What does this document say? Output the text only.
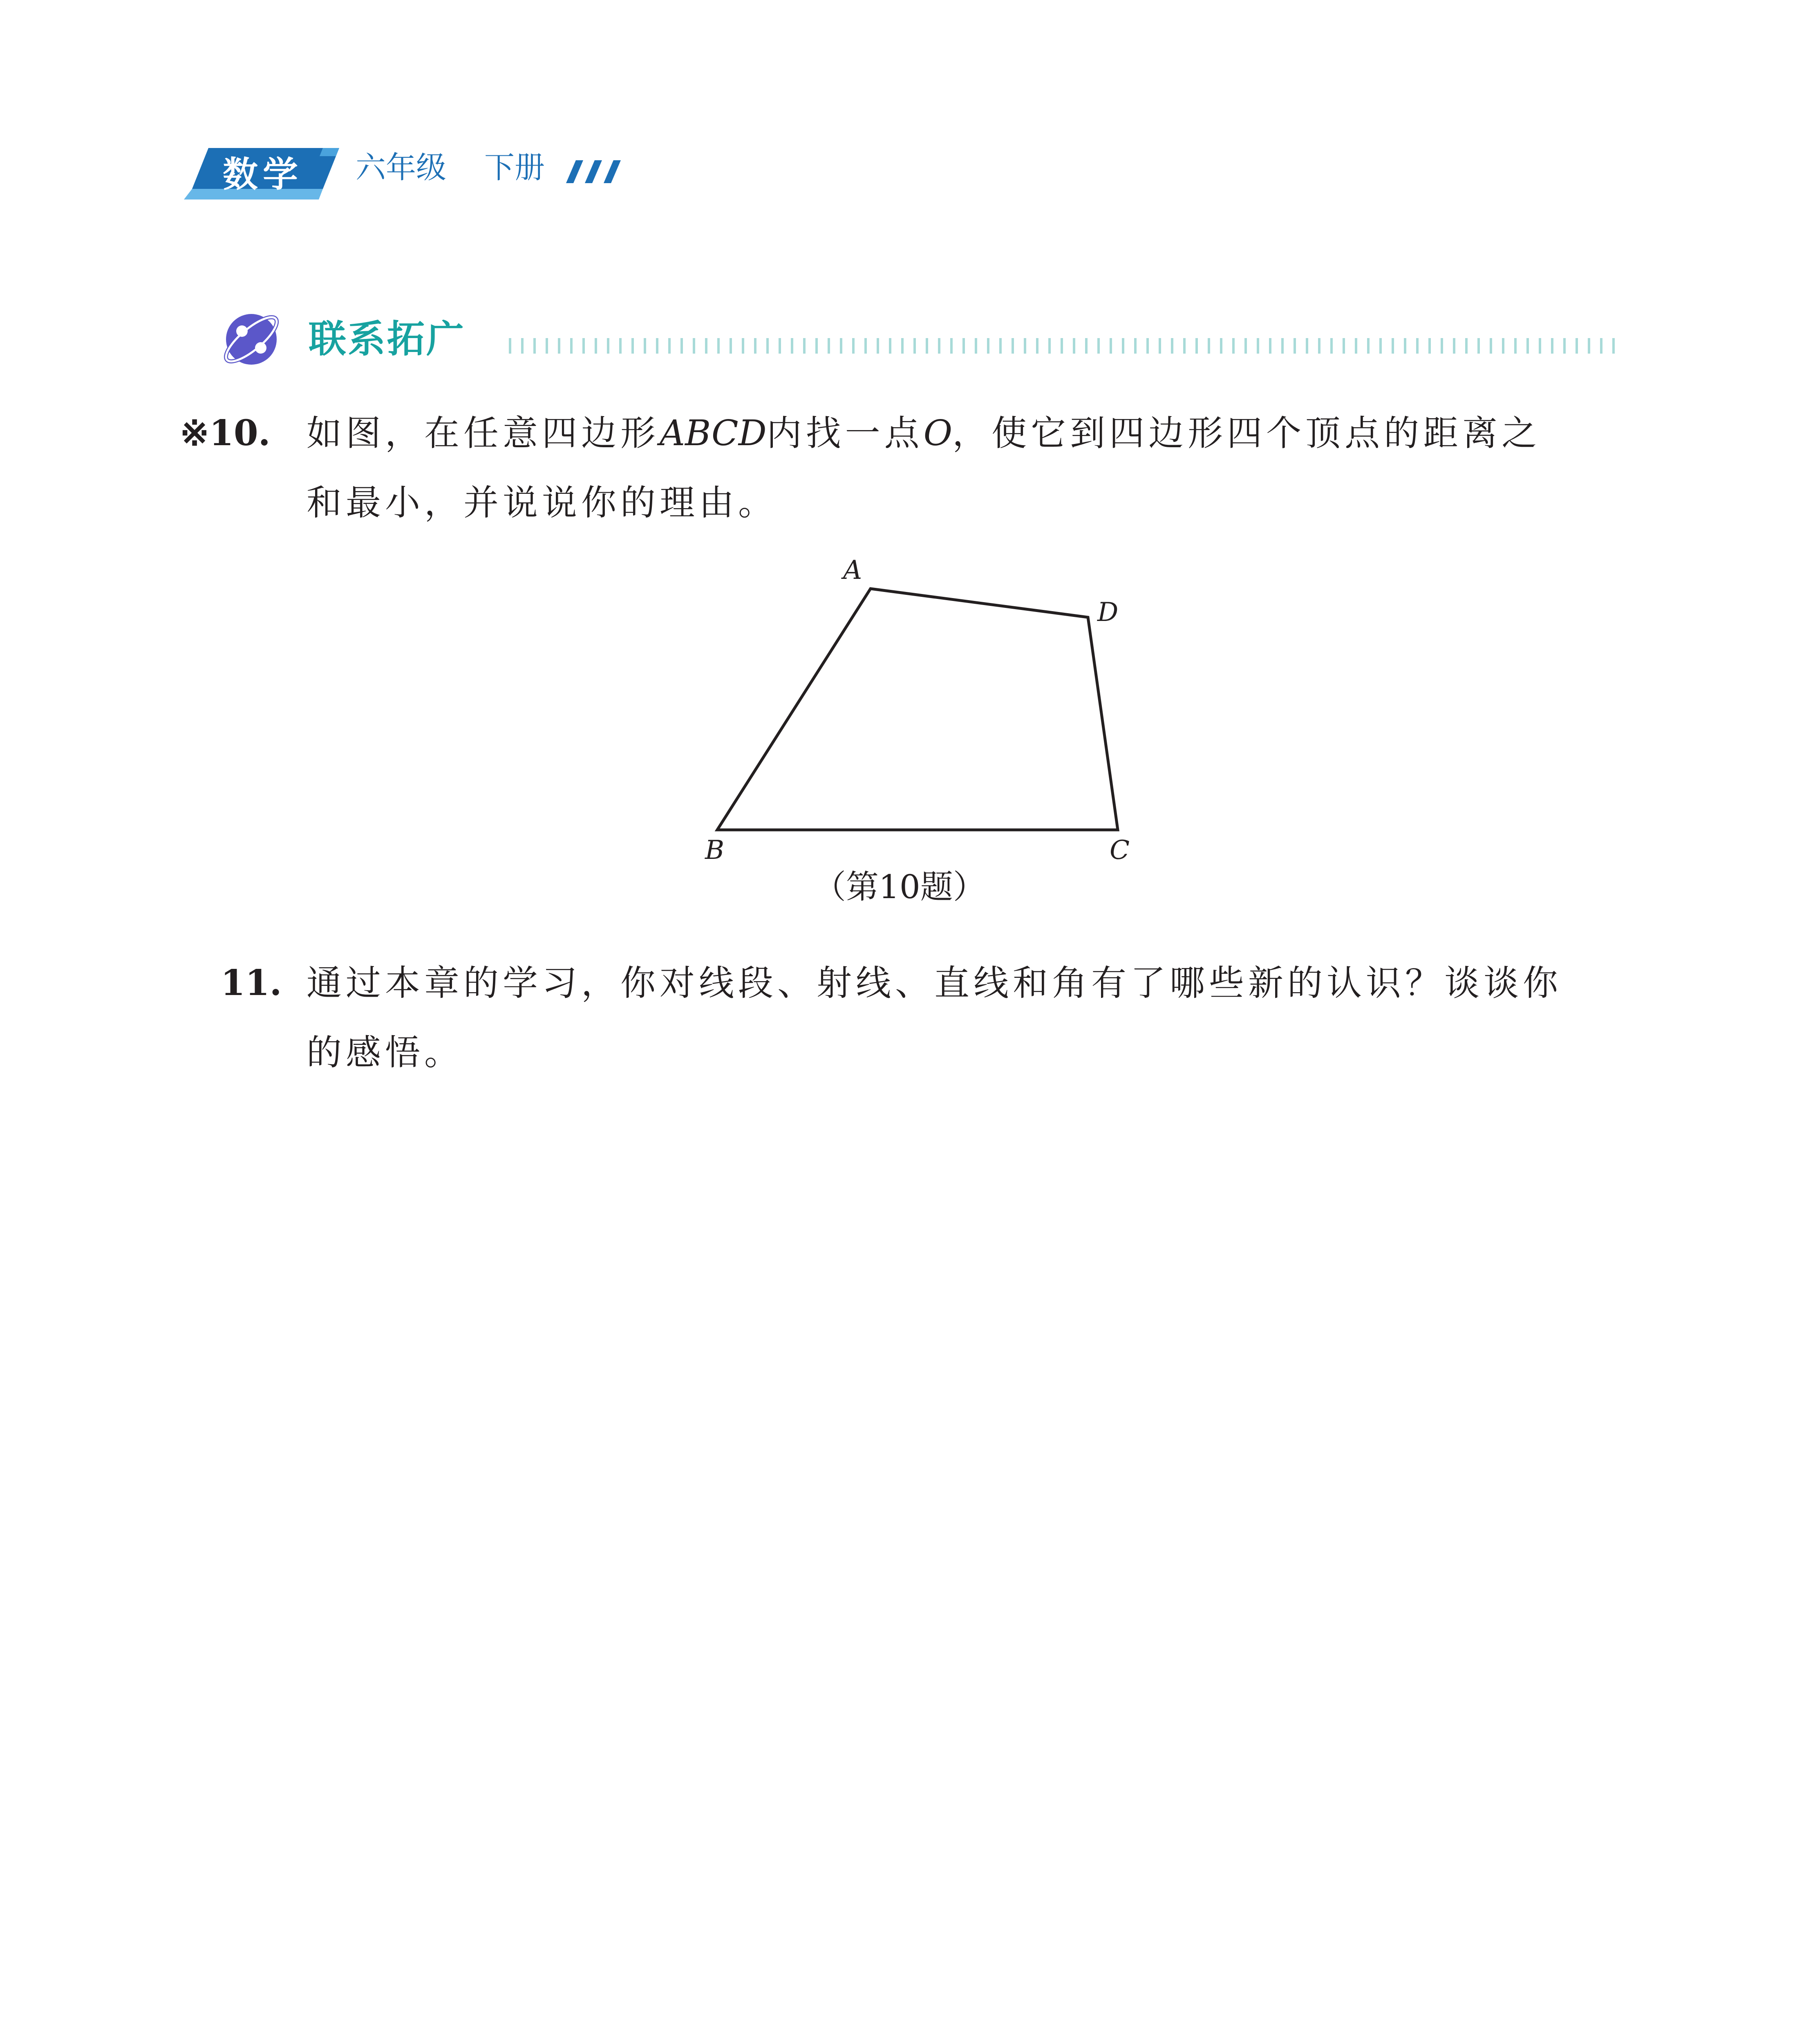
数学 六年级 下册
联系拓广
※10. 如图，在任意四边形ABCD内找一点O，使它到四边形四个顶点的距离之
和最小，并说说你的理由。
A
D
B	C
（第10题）
11. 通过本章的学习，你对线段、射线、直线和角有了哪些新的认识？谈谈你
的感悟。
